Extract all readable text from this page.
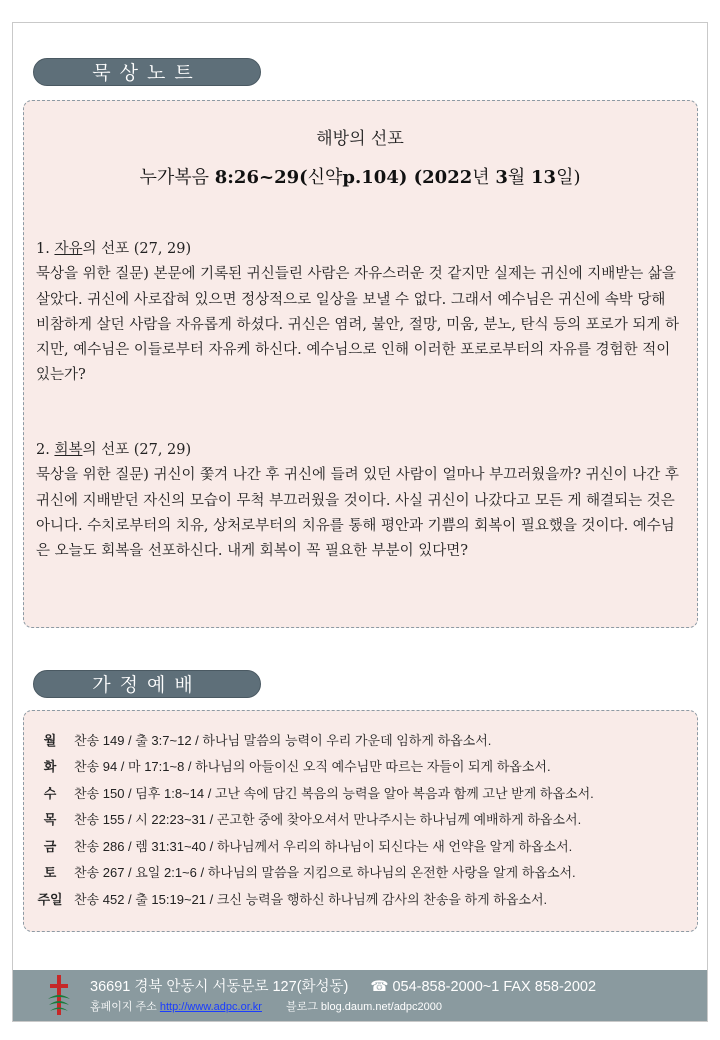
묵상노트
해방의 선포
누가복음 8:26~29(신약p.104) (2022년 3월 13일)
1. 자유의 선포 (27, 29)
묵상을 위한 질문) 본문에 기록된 귀신들린 사람은 자유스러운 것 같지만 실제는 귀신에 지배받는 삶을 살았다. 귀신에 사로잡혀 있으면 정상적으로 일상을 보낼 수 없다. 그래서 예수님은 귀신에 속박 당해 비참하게 살던 사람을 자유롭게 하셨다. 귀신은 염려, 불안, 절망, 미움, 분노, 탄식 등의 포로가 되게 하지만, 예수님은 이들로부터 자유케 하신다. 예수님으로 인해 이러한 포로로부터의 자유를 경험한 적이 있는가?
2. 회복의 선포 (27, 29)
묵상을 위한 질문) 귀신이 쫓겨 나간 후 귀신에 들려 있던 사람이 얼마나 부끄러웠을까? 귀신이 나간 후 귀신에 지배받던 자신의 모습이 무척 부끄러웠을 것이다. 사실 귀신이 나갔다고 모든 게 해결되는 것은 아니다. 수치로부터의 치유, 상처로부터의 치유를 통해 평안과 기쁨의 회복이 필요했을 것이다. 예수님은 오늘도 회복을 선포하신다. 내게 회복이 꼭 필요한 부분이 있다면?
가정예배
월	찬송 149 / 출 3:7~12 / 하나님 말씀의 능력이 우리 가운데 임하게 하옵소서.
화	찬송 94 / 마 17:1~8 / 하나님의 아들이신 오직 예수님만 따르는 자들이 되게 하옵소서.
수	찬송 150 / 딤후 1:8~14 / 고난 속에 담긴 복음의 능력을 알아 복음과 함께 고난 받게 하옵소서.
목	찬송 155 / 시 22:23~31 / 곤고한 중에 찾아오셔서 만나주시는 하나님께 예배하게 하옵소서.
금	찬송 286 / 렘 31:31~40 / 하나님께서 우리의 하나님이 되신다는 새 언약을 알게 하옵소서.
토	찬송 267 / 요일 2:1~6 / 하나님의 말씀을 지킴으로 하나님의 온전한 사랑을 알게 하옵소서.
주일 찬송 452 / 출 15:19~21 / 크신 능력을 행하신 하나님께 감사의 찬송을 하게 하옵소서.
36691 경북 안동시 서동문로 127(화성동) ☎ 054-858-2000~1 FAX 858-2002
홈페이지 주소 http://www.adpc.or.kr 블로그 blog.daum.net/adpc2000
